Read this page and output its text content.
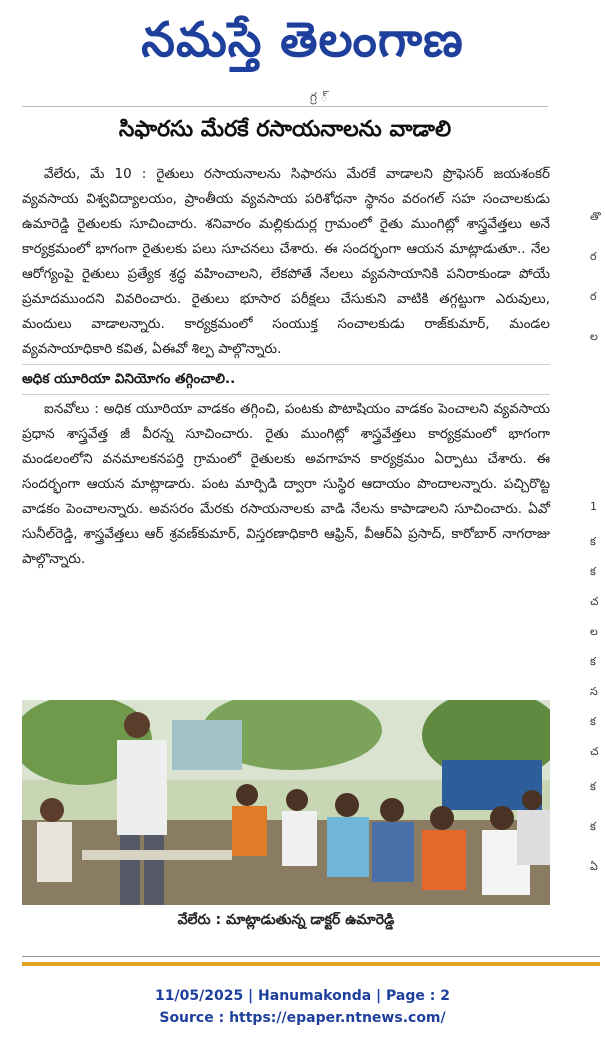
నమస్తే తెలంగాణ
గ్ర ్
సిఫారసు మేరకే రసాయనాలను వాడాలి

వేలేరు, మే 10 : రైతులు రసాయనాలను సిఫారసు మేరకే వాడాలని ప్రొఫెసర్ జయశంకర్ వ్యవసాయ విశ్వవిద్యాలయం, ప్రాంతీయ వ్యవసాయ పరిశోధనా స్థానం వరంగల్ సహ సంచాలకుడు ఉమారెడ్డి రైతులకు సూచించారు. శనివారం మల్లికుదుర్ల గ్రామంలో రైతు ముంగిట్లో శాస్త్రవేత్తలు అనే కార్యక్రమంలో భాగంగా రైతులకు పలు సూచనలు చేశారు. ఈ సందర్భంగా ఆయన మాట్లాడుతూ.. నేల ఆరోగ్యంపై రైతులు ప్రత్యేక శ్రద్ధ వహించాలని, లేకపోతే నేలలు వ్యవసాయానికి పనిరాకుండా పోయే ప్రమాదముందని వివరించారు. రైతులు భూసార పరీక్షలు చేసుకుని వాటికి తగ్గట్టుగా ఎరువులు, మందులు వాడాలన్నారు. కార్యక్రమంలో సంయుక్త సంచాలకుడు రాజ్‌కుమార్, మండల వ్యవసాయాధికారి కవిత, ఏఈవో శిల్ప పాల్గొన్నారు.

అధిక యూరియా వినియోగం తగ్గించాలి..

ఐనవోలు : అధిక యూరియా వాడకం తగ్గించి, పంటకు పొటాషియం వాడకం పెంచాలని వ్యవసాయ ప్రధాన శాస్త్రవేత్త జీ వీరన్న సూచించారు. రైతు ముంగిట్లో శాస్త్రవేత్తలు కార్యక్రమంలో భాగంగా మండలంలోని వనమాలకనపర్తి గ్రామంలో రైతులకు అవగాహన కార్యక్రమం ఏర్పాటు చేశారు. ఈ సందర్భంగా ఆయన మాట్లాడారు. పంట మార్పిడి ద్వారా సుస్థిర ఆదాయం పొందాలన్నారు. పచ్చిరొట్ట వాడకం పెంచాలన్నారు. అవసరం మేరకు రసాయనాలకు వాడి నేలను కాపాడాలని సూచించారు. ఏవో సునీల్‌రెడ్డి, శాస్త్రవేత్తలు ఆర్ శ్రవణ్‌కుమార్, విస్తరణాధికారి ఆఫ్రిన్, వీఆర్ఏ ప్రసాద్, కారోబార్ నాగరాజు పాల్గొన్నారు.

వేలేరు : మాట్లాడుతున్న డాక్టర్ ఉమారెడ్డి
తొ
ర
ర
ల
1
క
క
చ
ల
క
స
క
చ
క
క
ఏ
11/05/2025 | Hanumakonda | Page : 2
Source : https://epaper.ntnews.com/
